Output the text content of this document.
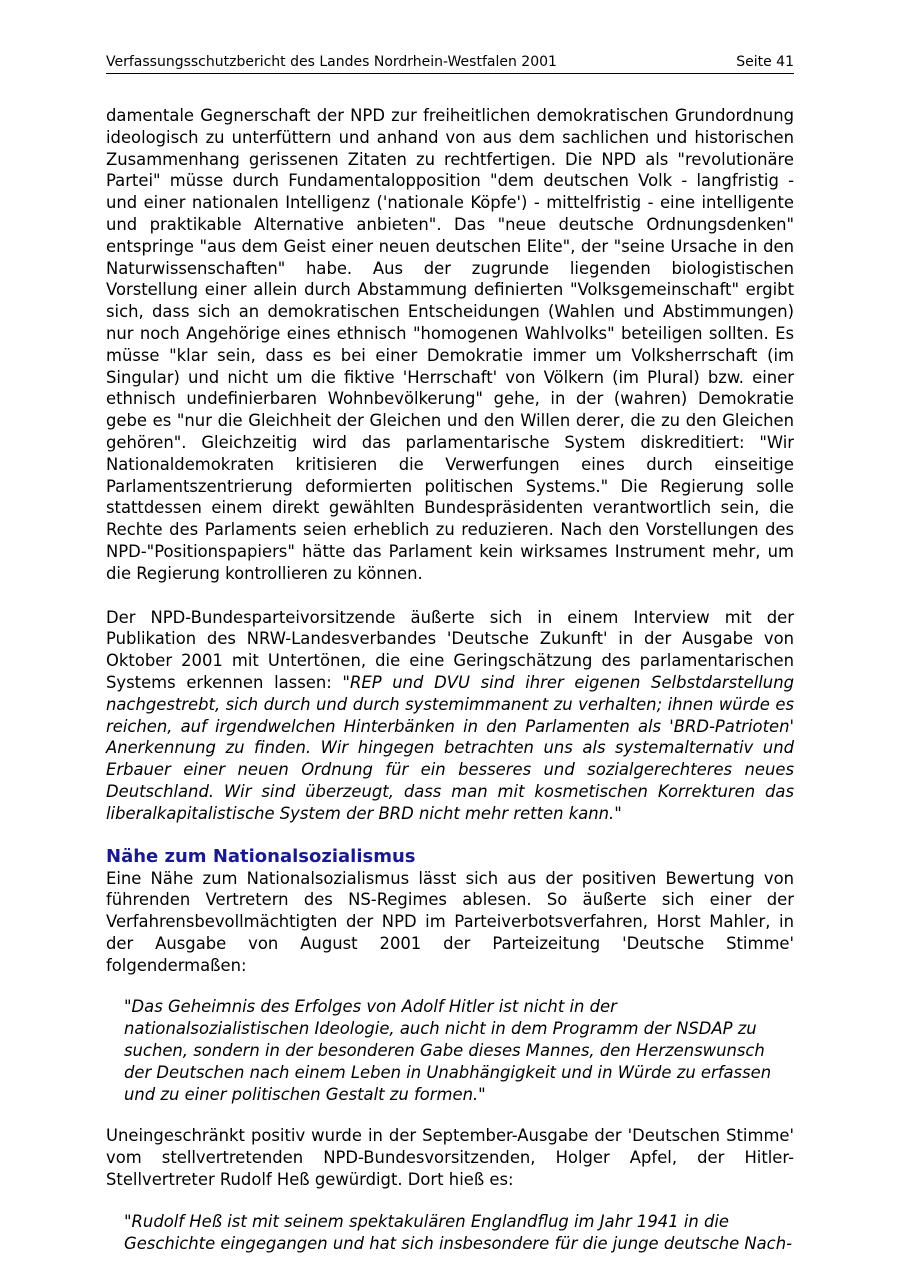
Verfassungsschutzbericht des Landes Nordrhein-Westfalen 2001	Seite 41

damentale Gegnerschaft der NPD zur freiheitlichen demokratischen Grundordnung ideologisch zu unterfüttern und anhand von aus dem sachlichen und historischen Zusammenhang gerissenen Zitaten zu rechtfertigen. Die NPD als "revolutionäre Partei" müsse durch Fundamentalopposition "dem deutschen Volk - langfristig - und einer nationalen Intelligenz ('nationale Köpfe') - mittelfristig - eine intelligente und praktikable Alternative anbieten". Das "neue deutsche Ordnungsdenken" entspringe "aus dem Geist einer neuen deutschen Elite", der "seine Ursache in den Naturwissenschaften" habe. Aus der zugrunde liegenden biologistischen Vorstellung einer allein durch Abstammung definierten "Volksgemeinschaft" ergibt sich, dass sich an demokratischen Entscheidungen (Wahlen und Abstimmungen) nur noch Angehörige eines ethnisch "homogenen Wahlvolks" beteiligen sollten. Es müsse "klar sein, dass es bei einer Demokratie immer um Volksherrschaft (im Singular) und nicht um die fiktive 'Herrschaft' von Völkern (im Plural) bzw. einer ethnisch undefinierbaren Wohnbevölkerung" gehe, in der (wahren) Demokratie gebe es "nur die Gleichheit der Gleichen und den Willen derer, die zu den Gleichen gehören". Gleichzeitig wird das parlamentarische System diskreditiert: "Wir Nationaldemokraten kritisieren die Verwerfungen eines durch einseitige Parlamentszentrierung deformierten politischen Systems." Die Regierung solle stattdessen einem direkt gewählten Bundespräsidenten verantwortlich sein, die Rechte des Parlaments seien erheblich zu reduzieren. Nach den Vorstellungen des NPD-"Positionspapiers" hätte das Parlament kein wirksames Instrument mehr, um die Regierung kontrollieren zu können.

Der NPD-Bundesparteivorsitzende äußerte sich in einem Interview mit der Publikation des NRW-Landesverbandes 'Deutsche Zukunft' in der Ausgabe von Oktober 2001 mit Untertönen, die eine Geringschätzung des parlamentarischen Systems erkennen lassen: "REP und DVU sind ihrer eigenen Selbstdarstellung nachgestrebt, sich durch und durch systemimmanent zu verhalten; ihnen würde es reichen, auf irgendwelchen Hinterbänken in den Parlamenten als 'BRD-Patrioten' Anerkennung zu finden. Wir hingegen betrachten uns als systemalternativ und Erbauer einer neuen Ordnung für ein besseres und sozialgerechteres neues Deutschland. Wir sind überzeugt, dass man mit kosmetischen Korrekturen das liberalkapitalistische System der BRD nicht mehr retten kann."

Nähe zum Nationalsozialismus

Eine Nähe zum Nationalsozialismus lässt sich aus der positiven Bewertung von führenden Vertretern des NS-Regimes ablesen. So äußerte sich einer der Verfahrensbevollmächtigten der NPD im Parteiverbotsverfahren, Horst Mahler, in der Ausgabe von August 2001 der Parteizeitung 'Deutsche Stimme' folgendermaßen:

"Das Geheimnis des Erfolges von Adolf Hitler ist nicht in der nationalsozialistischen Ideologie, auch nicht in dem Programm der NSDAP zu suchen, sondern in der besonderen Gabe dieses Mannes, den Herzenswunsch der Deutschen nach einem Leben in Unabhängigkeit und in Würde zu erfassen und zu einer politischen Gestalt zu formen."

Uneingeschränkt positiv wurde in der September-Ausgabe der 'Deutschen Stimme' vom stellvertretenden NPD-Bundesvorsitzenden, Holger Apfel, der Hitler-Stellvertreter Rudolf Heß gewürdigt. Dort hieß es:

"Rudolf Heß ist mit seinem spektakulären Englandflug im Jahr 1941 in die Geschichte eingegangen und hat sich insbesondere für die junge deutsche Nach-
